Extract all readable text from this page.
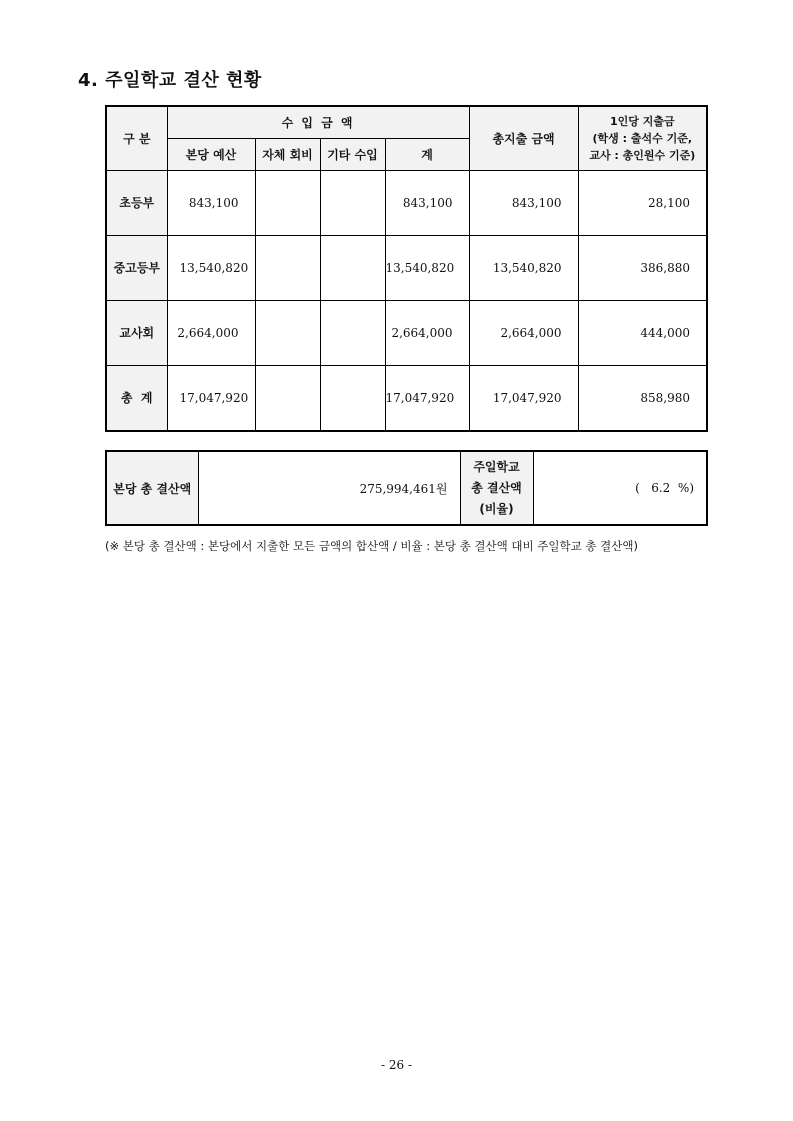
4. 주일학교 결산 현황
구 분	수 입 금 액				총지출 금액	1인당 지출금
(학생 : 출석수 기준,
교사 : 총인원수 기준)

	본당 예산	자체 회비	기타 수입	계		
초등부	843,100			843,100	843,100	28,100
중고등부	13,540,820			13,540,820	13,540,820	386,880
교사회	2,664,000			2,664,000	2,664,000	444,000
총  계	17,047,920			17,047,920	17,047,920	858,980
본당 총 결산액	275,994,461원	
주일학교
총 결산액
(비율)
	(   6.2  %)
(※ 본당 총 결산액 : 본당에서 지출한 모든 금액의 합산액 / 비율 : 본당 총 결산액 대비 주일학교 총 결산액)
- 26 -
